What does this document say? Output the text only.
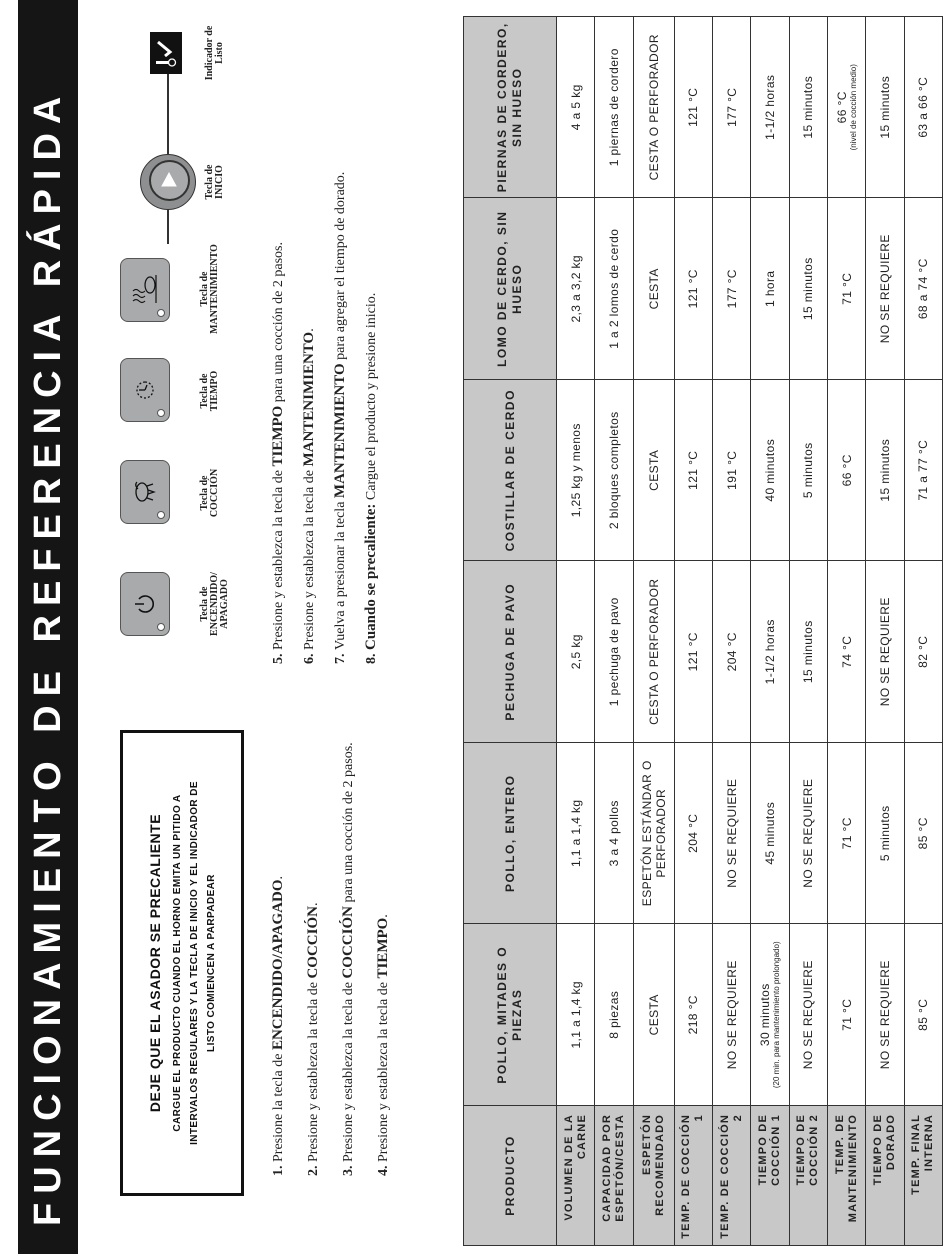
FUNCIONAMIENTO DE REFERENCIA RÁPIDA	DEJE QUE EL ASADOR SE PRECALIENTE CARGUE EL PRODUCTO CUANDO EL HORNO EMITA UN PITIDO A INTERVALOS REGULARES Y LA TECLA DE INICIO Y EL INDICADOR DE LISTO COMIENCEN A PARPADEAR
Tecla de ENCENDIDO/ APAGADO
Tecla de COCCIÓN
Tecla de TIEMPO
Tecla de MANTENIMIENTO
Tecla de INICIO
Indicador de Listo
1. Presione la tecla de ENCENDIDO/APAGADO.
2. Presione y establezca la tecla de COCCIÓN.
3. Presione y establezca la tecla de COCCIÓN para una cocción de 2 pasos.
4. Presione y establezca la tecla de TIEMPO.
5. Presione y establezca la tecla de TIEMPO para una cocción de 2 pasos.
6. Presione y establezca la tecla de MANTENIMIENTO.
7. Vuelva a presionar la tecla MANTENIMIENTO para agregar el tiempo de dorado.
8. Cuando se precaliente: Cargue el producto y presione inicio.
PRODUCTO	POLLO, MITADES O PIEZAS	POLLO, ENTERO	PECHUGA DE PAVO	COSTILLAR DE CERDO	LOMO DE CERDO, SIN HUESO	PIERNAS DE CORDERO, SIN HUESO
VOLUMEN DE LA CARNE	1,1 a 1,4 kg	1,1 a 1,4 kg	2,5 kg	1,25 kg y menos	2,3 a 3,2 kg	4 a 5 kg
CAPACIDAD POR ESPETÓN/CESTA	8 piezas	3 a 4 pollos	1 pechuga de pavo	2 bloques completos	1 a 2 lomos de cerdo	1 piernas de cordero
ESPETÓN RECOMENDADO	CESTA	ESPETÓN ESTÁNDAR O PERFORADOR	CESTA O PERFORADOR	CESTA	CESTA	CESTA O PERFORADOR
TEMP. DE COCCIÓN 1	218 °C	204 °C	121 °C	121 °C	121 °C	121 °C
TEMP. DE COCCIÓN 2	NO SE REQUIERE	NO SE REQUIERE	204 °C	191 °C	177 °C	177 °C
TIEMPO DE COCCIÓN 1	30 minutos (20 min. para mantenimiento prolongado)	45 minutos	1-1/2 horas	40 minutos	1 hora	1-1/2 horas
TIEMPO DE COCCIÓN 2	NO SE REQUIERE	NO SE REQUIERE	15 minutos	5 minutos	15 minutos	15 minutos
TEMP. DE MANTENIMIENTO	71 °C	71 °C	74 °C	66 °C	71 °C	66 °C (nivel de cocción medio)

TIEMPO DE DORADO	NO SE REQUIERE	5 minutos	NO SE REQUIERE	15 minutos	NO SE REQUIERE	15 minutos
TEMP. FINAL INTERNA	85 °C	85 °C	82 °C	71 a 77 °C	68 a 74 °C	63 a 66 °C
